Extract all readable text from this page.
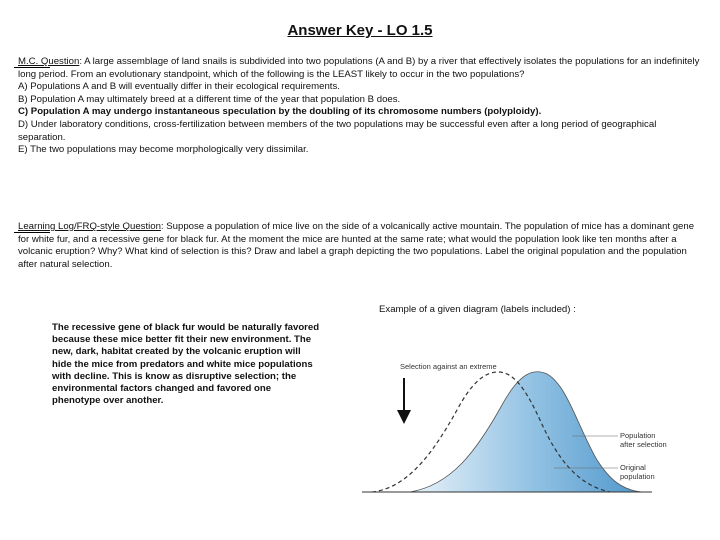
Answer Key - LO 1.5

M.C. Question: A large assemblage of land snails is subdivided into two populations (A and B) by a river that effectively isolates the populations for an indefinitely long period. From an evolutionary standpoint, which of the following is the LEAST likely to occur in the two populations?

A) Populations A and B will eventually differ in their ecological requirements.

B) Population A may ultimately breed at a different time of the year that population B does.

C) Population A may undergo instantaneous speculation by the doubling of its chromosome numbers (polyploidy).

D) Under laboratory conditions, cross-fertilization between members of the two populations may be successful even after a long period of geographical separation.

E) The two populations may become morphologically very dissimilar.

Learning Log/FRQ-style Question: Suppose a population of mice live on the side of a volcanically active mountain. The population of mice has a dominant gene for white fur, and a recessive gene for black fur. At the moment the mice are hunted at the same rate; what would the population look like ten months after a volcanic eruption? Why? What kind of selection is this? Draw and label a graph depicting the two populations. Label the original population and the population after natural selection.

Example of a given diagram (labels included) :
The recessive gene of black fur would be naturally favored because these mice better fit their new environment. The new, dark, habitat created by the volcanic eruption will hide the mice from predators and white mice populations with decline. This is know as disruptive selection; the environmental factors changed and favored one phenotype over another.
Selection against an extreme
Population
after selection
Original
population
